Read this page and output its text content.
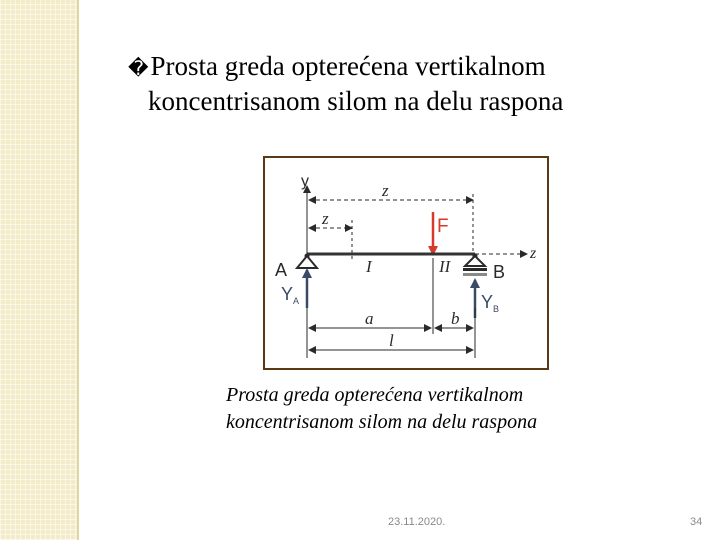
�Prosta greda opterećena vertikalnom
koncentrisanom silom na delu raspona
y	z
z	F
z
A	B
I	II
$Y_A$	$Y_B$
a	b
l
Prosta greda opterećena vertikalnom
koncentrisanom silom na delu raspona
23.11.2020.	34
